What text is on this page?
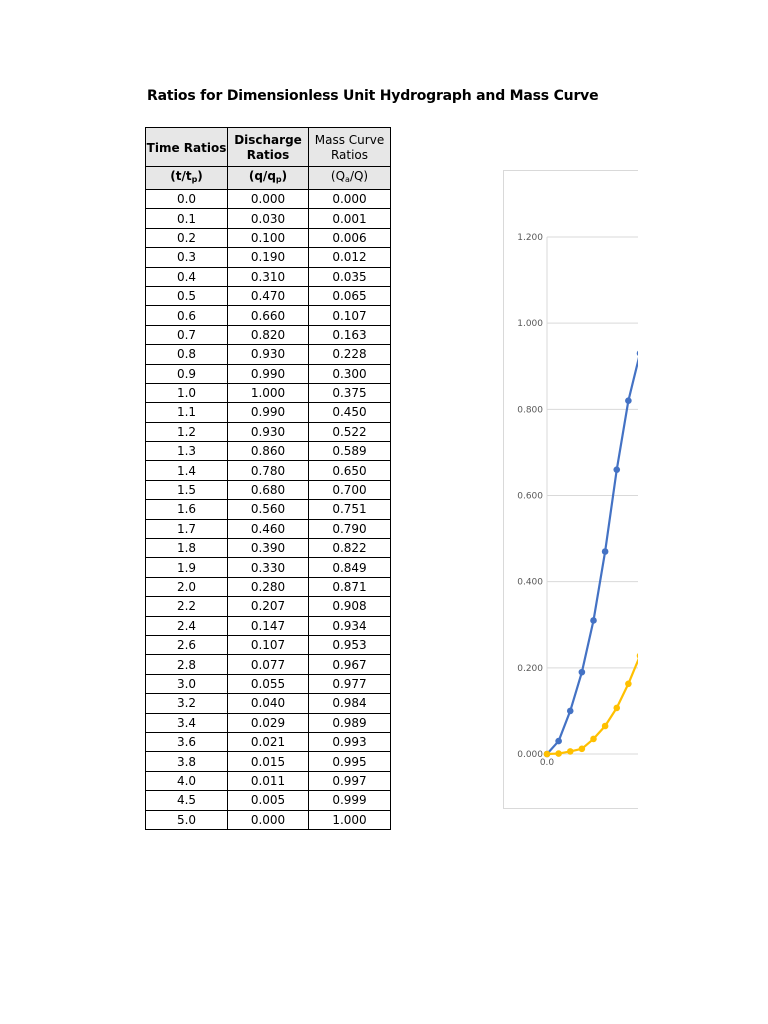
Ratios for Dimensionless Unit Hydrograph and Mass Curve
Time Ratios	Discharge Ratios	Mass Curve Ratios
$(t/t_p)$	$(q/q_p)$	$(Q_a/Q)$
0.0	0.000	0.000
0.1	0.030	0.001
0.2	0.100	0.006
0.3	0.190	0.012
0.4	0.310	0.035
0.5	0.470	0.065
0.6	0.660	0.107
0.7	0.820	0.163
0.8	0.930	0.228
0.9	0.990	0.300
1.0	1.000	0.375
1.1	0.990	0.450
1.2	0.930	0.522
1.3	0.860	0.589
1.4	0.780	0.650
1.5	0.680	0.700
1.6	0.560	0.751
1.7	0.460	0.790
1.8	0.390	0.822
1.9	0.330	0.849
2.0	0.280	0.871
2.2	0.207	0.908
2.4	0.147	0.934
2.6	0.107	0.953
2.8	0.077	0.967
3.0	0.055	0.977
3.2	0.040	0.984
3.4	0.029	0.989
3.6	0.021	0.993
3.8	0.015	0.995
4.0	0.011	0.997
4.5	0.005	0.999
5.0	0.000	1.000
0.000
0.200
0.400
0.600
0.800
1.000
1.200
0.0
